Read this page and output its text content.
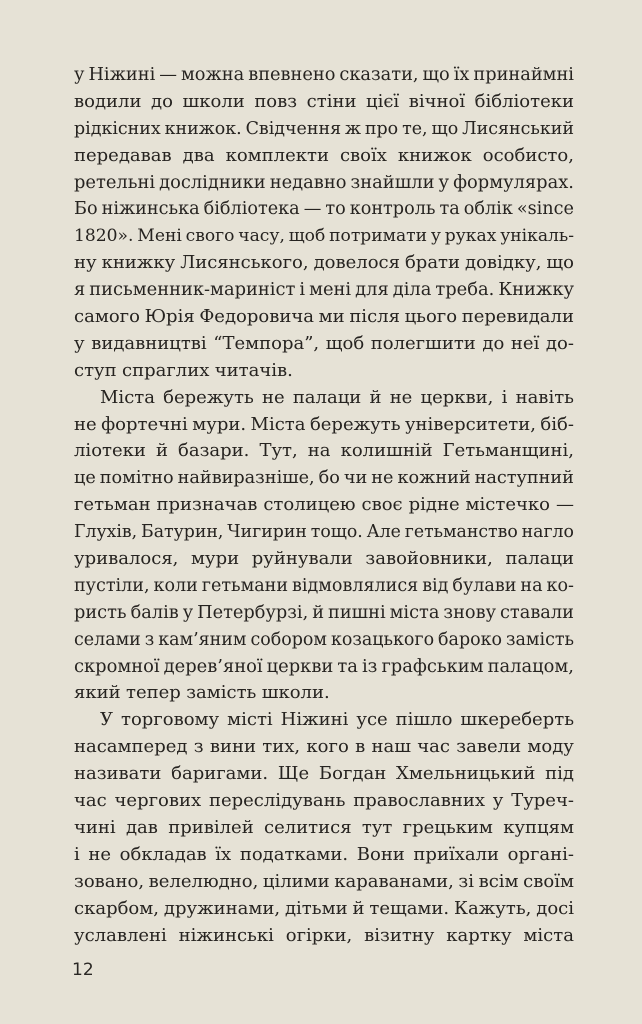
у Ніжині — можна впевнено сказати, що їх принаймні
водили до школи повз стіни цієї вічної бібліотеки
рідкісних книжок. Свідчення ж про те, що Лисянський
передавав два комплекти своїх книжок особисто,
ретельні дослідники недавно знайшли у формулярах.
Бо ніжинська бібліотека — то контроль та облік «since
1820». Мені свого часу, щоб потримати у руках унікаль-
ну книжку Лисянського, довелося брати довідку, що
я письменник-мариніст і мені для діла треба. Книжку
самого Юрія Федоровича ми після цього перевидали
у видавництві “Темпора”, щоб полегшити до неї до-
ступ спраглих читачів.
Міста бережуть не палаци й не церкви, і навіть
не фортечні мури. Міста бережуть університети, біб-
ліотеки й базари. Тут, на колишній Гетьманщині,
це помітно найвиразніше, бо чи не кожний наступний
гетьман призначав столицею своє рідне містечко —
Глухів, Батурин, Чигирин тощо. Але гетьманство нагло
уривалося, мури руйнували завойовники, палаци
пустіли, коли гетьмани відмовлялися від булави на ко-
ристь балів у Петербурзі, й пишні міста знову ставали
селами з кам’яним собором козацького бароко замість
скромної дерев’яної церкви та із графським палацом,
який тепер замість школи.
У торговому місті Ніжині усе пішло шкереберть
насамперед з вини тих, кого в наш час завели моду
називати баригами. Ще Богдан Хмельницький під
час чергових переслідувань православних у Туреч-
чині дав привілей селитися тут грецьким купцям
і не обкладав їх податками. Вони приїхали органі-
зовано, велелюдно, цілими караванами, зі всім своїм
скарбом, дружинами, дітьми й тещами. Кажуть, досі
уславлені ніжинські огірки, візитну картку міста
12
